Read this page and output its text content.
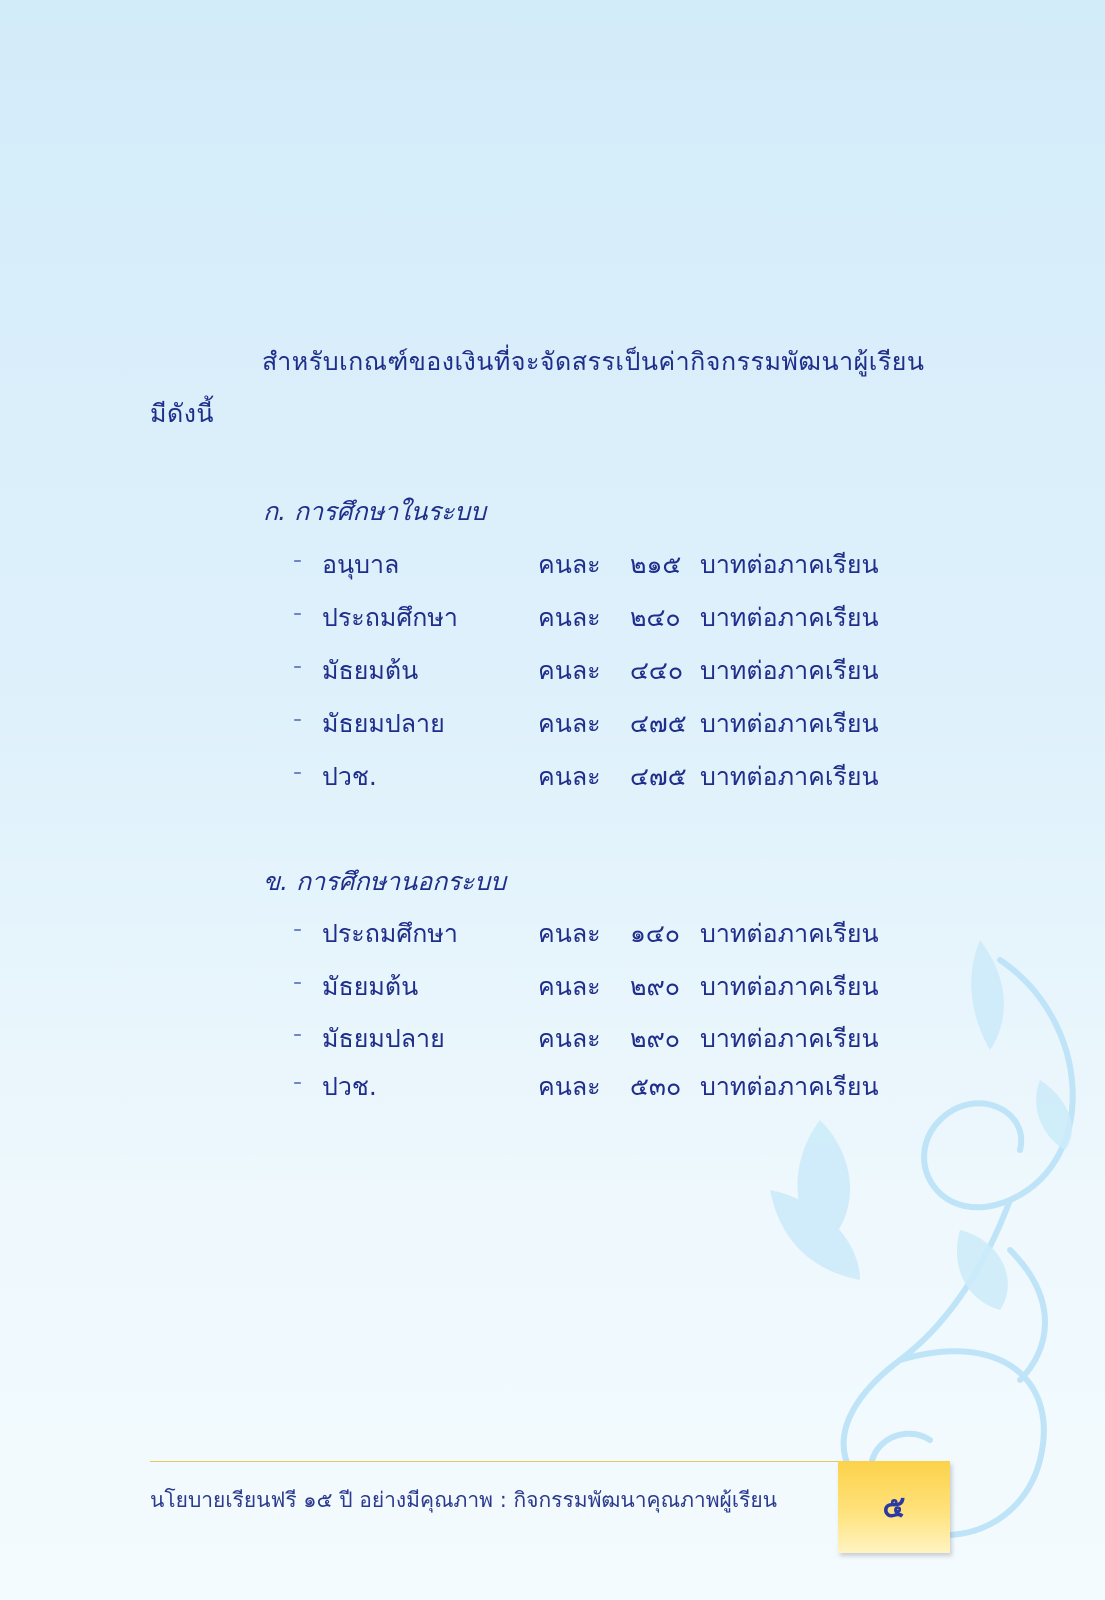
สำหรับเกณฑ์ของเงินที่จะจัดสรรเป็นค่ากิจกรรมพัฒนาผู้เรียน
มีดังนี้
ก. การศึกษาในระบบ
- อนุบาล	คนละ ๒๑๕ บาทต่อภาคเรียน
- ประถมศึกษา	คนละ ๒๔๐ บาทต่อภาคเรียน
- มัธยมต้น	คนละ ๔๔๐ บาทต่อภาคเรียน
- มัธยมปลาย	คนละ ๔๗๕ บาทต่อภาคเรียน
- ปวช.	คนละ ๔๗๕ บาทต่อภาคเรียน
ข. การศึกษานอกระบบ
- ประถมศึกษา	คนละ ๑๔๐ บาทต่อภาคเรียน
- มัธยมต้น	คนละ ๒๙๐ บาทต่อภาคเรียน
- มัธยมปลาย	คนละ ๒๙๐ บาทต่อภาคเรียน
- ปวช.	คนละ ๕๓๐ บาทต่อภาคเรียน
นโยบายเรียนฟรี ๑๕ ปี อย่างมีคุณภาพ : กิจกรรมพัฒนาคุณภาพผู้เรียน	๕
